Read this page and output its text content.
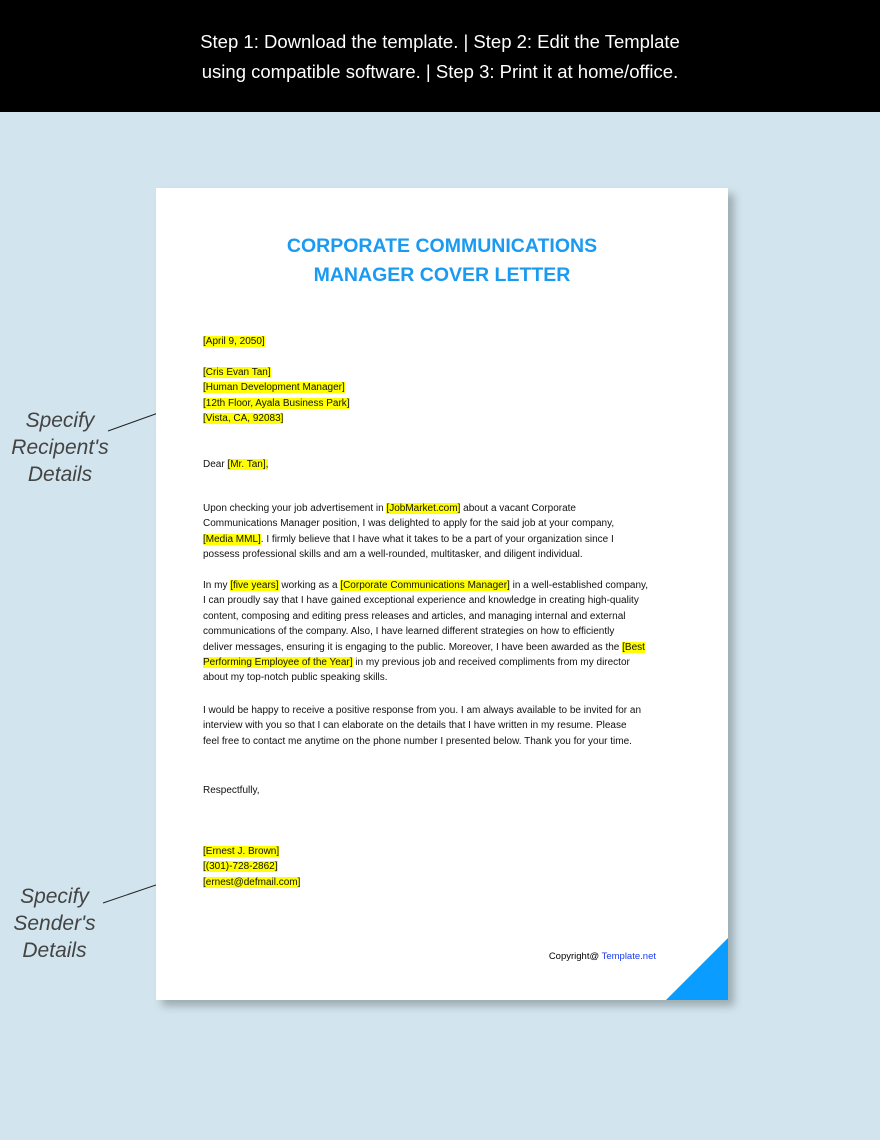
Step 1: Download the template. | Step 2: Edit the Template
using compatible software. | Step 3: Print it at home/office.
Specify
Recipent's
Details
Specify
Sender's
Details
CORPORATE COMMUNICATIONS
MANAGER COVER LETTER
[April 9, 2050]
[Cris Evan Tan]
[Human Development Manager]
[12th Floor, Ayala Business Park]
[Vista, CA, 92083]
Dear [Mr. Tan],
Upon checking your job advertisement in [JobMarket.com] about a vacant Corporate
Communications Manager position, I was delighted to apply for the said job at your company,
[Media MML]. I firmly believe that I have what it takes to be a part of your organization since I
possess professional skills and am a well-rounded, multitasker, and diligent individual.
In my [five years] working as a [Corporate Communications Manager] in a well-established company,
I can proudly say that I have gained exceptional experience and knowledge in creating high-quality
content, composing and editing press releases and articles, and managing internal and external
communications of the company. Also, I have learned different strategies on how to efficiently
deliver messages, ensuring it is engaging to the public. Moreover, I have been awarded as the [Best
Performing Employee of the Year] in my previous job and received compliments from my director
about my top-notch public speaking skills.
I would be happy to receive a positive response from you. I am always available to be invited for an
interview with you so that I can elaborate on the details that I have written in my resume. Please
feel free to contact me anytime on the phone number I presented below. Thank you for your time.
Respectfully,
[Ernest J. Brown]
[(301)-728-2862]
[ernest@defmail.com]
Copyright@ Template.net
